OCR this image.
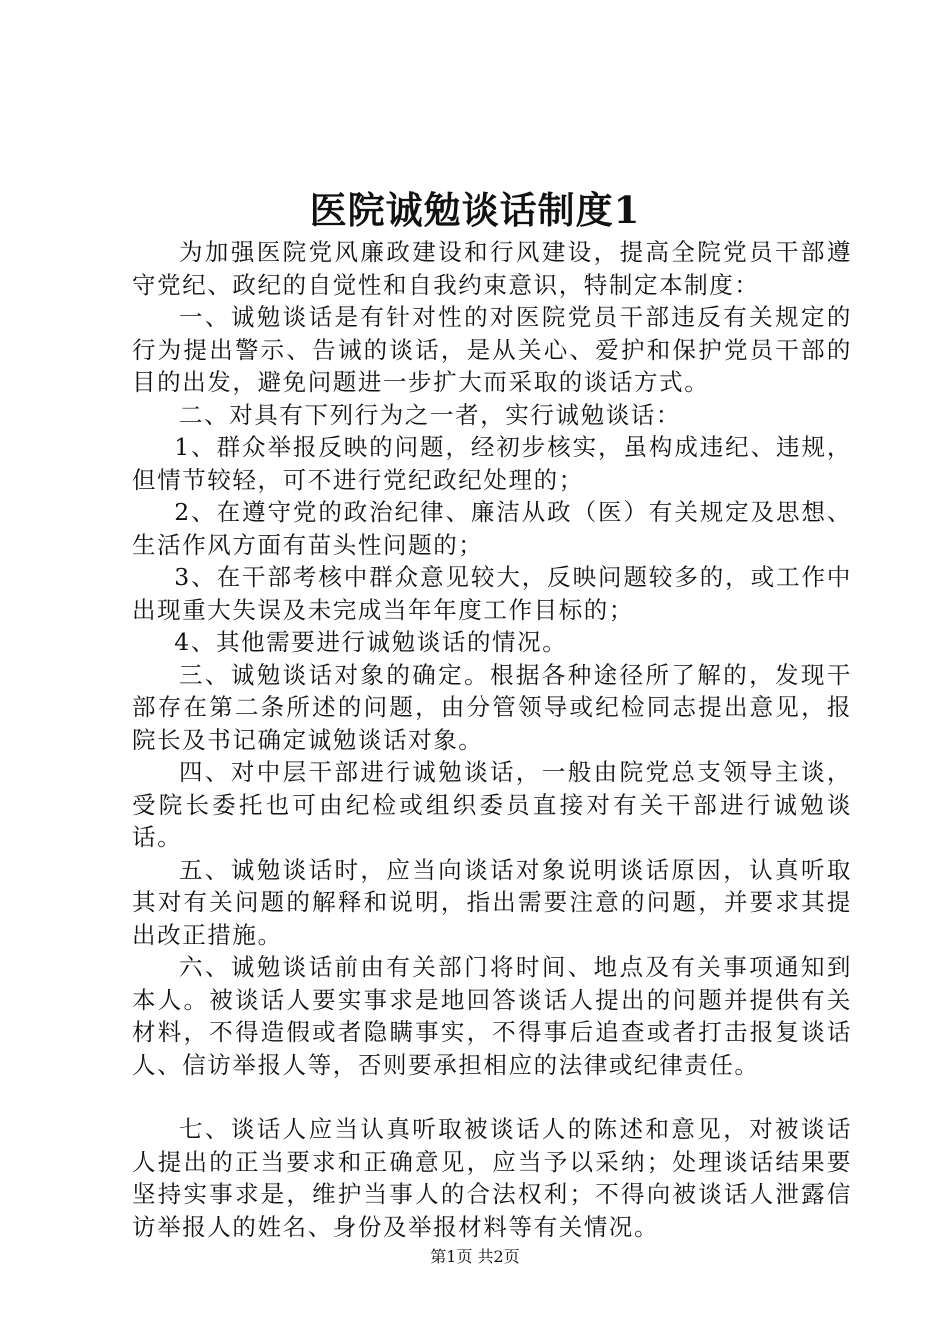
医院诚勉谈话制度1

为加强医院党风廉政建设和行风建设，提高全院党员干部遵守党纪、政纪的自觉性和自我约束意识，特制定本制度：

一、诚勉谈话是有针对性的对医院党员干部违反有关规定的行为提出警示、告诫的谈话，是从关心、爱护和保护党员干部的目的出发，避免问题进一步扩大而采取的谈话方式。

二、对具有下列行为之一者，实行诚勉谈话：

1、群众举报反映的问题，经初步核实，虽构成违纪、违规，但情节较轻，可不进行党纪政纪处理的；

2、在遵守党的政治纪律、廉洁从政（医）有关规定及思想、生活作风方面有苗头性问题的；

3、在干部考核中群众意见较大，反映问题较多的，或工作中出现重大失误及未完成当年年度工作目标的；

4、其他需要进行诚勉谈话的情况。

三、诚勉谈话对象的确定。根据各种途径所了解的，发现干部存在第二条所述的问题，由分管领导或纪检同志提出意见，报院长及书记确定诚勉谈话对象。

四、对中层干部进行诚勉谈话，一般由院党总支领导主谈，受院长委托也可由纪检或组织委员直接对有关干部进行诚勉谈话。

五、诚勉谈话时，应当向谈话对象说明谈话原因，认真听取其对有关问题的解释和说明，指出需要注意的问题，并要求其提出改正措施。

六、诚勉谈话前由有关部门将时间、地点及有关事项通知到本人。被谈话人要实事求是地回答谈话人提出的问题并提供有关材料，不得造假或者隐瞒事实，不得事后追查或者打击报复谈话人、信访举报人等，否则要承担相应的法律或纪律责任。

七、谈话人应当认真听取被谈话人的陈述和意见，对被谈话人提出的正当要求和正确意见，应当予以采纳；处理谈话结果要坚持实事求是，维护当事人的合法权利；不得向被谈话人泄露信访举报人的姓名、身份及举报材料等有关情况。

第1页 共2页
